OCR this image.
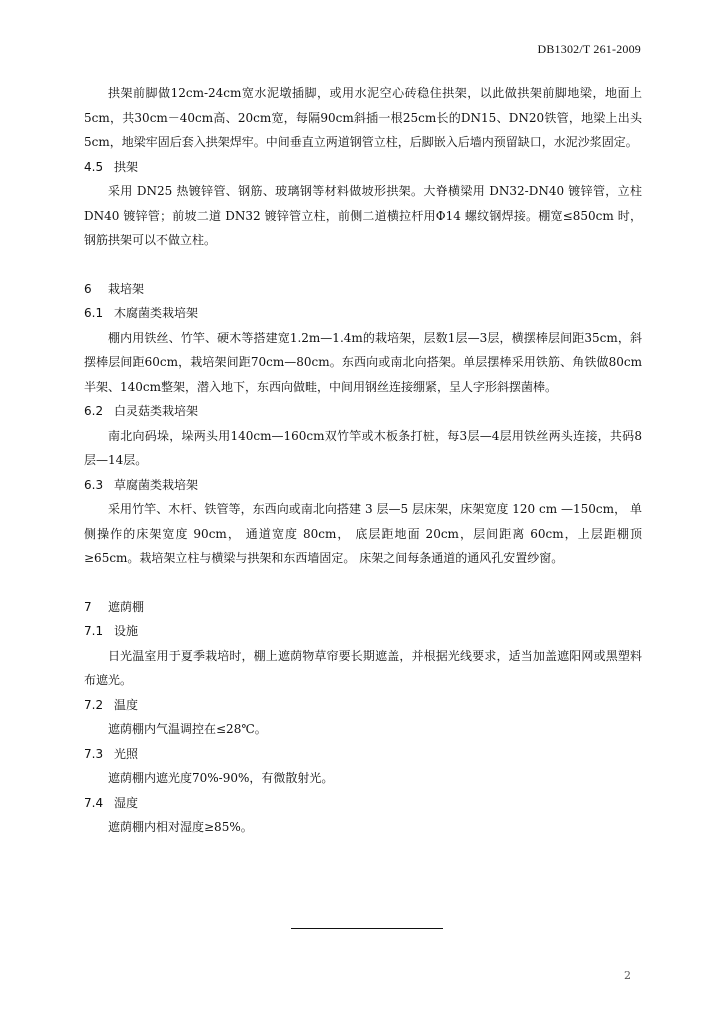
DB1302/T 261-2009

拱架前脚做12cm-24cm宽水泥墩插脚，或用水泥空心砖稳住拱架，以此做拱架前脚地梁，地面上5cm，共30cm－40cm高、20cm宽，每隔90cm斜插一根25cm长的DN15、DN20铁管，地梁上出头5cm，地梁牢固后套入拱架焊牢。中间垂直立两道钢管立柱，后脚嵌入后墙内预留缺口，水泥沙浆固定。

4.5 拱架

采用 DN25 热镀锌管、钢筋、玻璃钢等材料做坡形拱架。大脊横梁用 DN32-DN40 镀锌管，立柱DN40 镀锌管；前坡二道 DN32 镀锌管立柱，前侧二道横拉杆用Φ14 螺纹钢焊接。棚宽≤850cm 时，钢筋拱架可以不做立柱。

6 栽培架
6.1 木腐菌类栽培架

棚内用铁丝、竹竿、硬木等搭建宽1.2m—1.4m的栽培架，层数1层—3层，横摆棒层间距35cm，斜摆棒层间距60cm，栽培架间距70cm—80cm。东西向或南北向搭架。单层摆棒采用铁筋、角铁做80cm半架、140cm整架，潜入地下，东西向做畦，中间用钢丝连接绷紧，呈人字形斜摆菌棒。

6.2 白灵菇类栽培架

南北向码垛，垛两头用140cm—160cm双竹竿或木板条打桩，每3层—4层用铁丝两头连接，共码8层—14层。

6.3 草腐菌类栽培架

采用竹竿、木杆、铁管等，东西向或南北向搭建 3 层—5 层床架，床架宽度 120 cm —150cm， 单侧操作的床架宽度 90cm， 通道宽度 80cm， 底层距地面 20cm，层间距离 60cm，上层距棚顶≥65cm。栽培架立柱与横梁与拱架和东西墙固定。 床架之间每条通道的通风孔安置纱窗。

7 遮荫棚
7.1 设施

日光温室用于夏季栽培时，棚上遮荫物草帘要长期遮盖，并根据光线要求，适当加盖遮阳网或黑塑料布遮光。

7.2 温度

遮荫棚内气温调控在≤28℃。

7.3 光照

遮荫棚内遮光度70%-90%，有微散射光。

7.4 湿度

遮荫棚内相对湿度≥85%。

2
